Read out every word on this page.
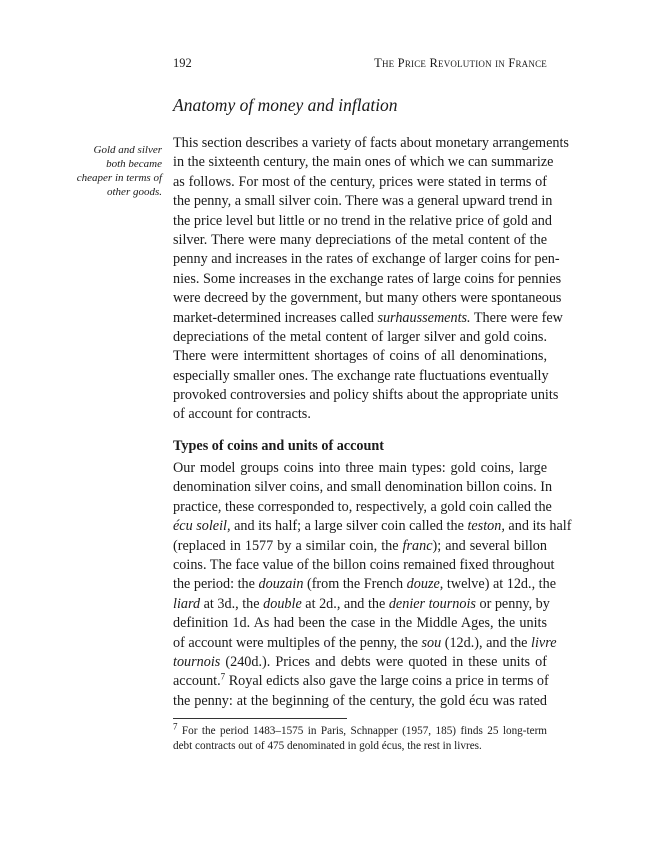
192	The Price Revolution in France
Anatomy of money and inflation
Gold and silver
both became
cheaper in terms of
other goods.
This section describes a variety of facts about monetary arrangements
in the sixteenth century, the main ones of which we can summarize
as follows. For most of the century, prices were stated in terms of
the penny, a small silver coin. There was a general upward trend in
the price level but little or no trend in the relative price of gold and
silver. There were many depreciations of the metal content of the
penny and increases in the rates of exchange of larger coins for pen-
nies. Some increases in the exchange rates of large coins for pennies
were decreed by the government, but many others were spontaneous
market-determined increases called surhaussements. There were few
depreciations of the metal content of larger silver and gold coins.
There were intermittent shortages of coins of all denominations,
especially smaller ones. The exchange rate fluctuations eventually
provoked controversies and policy shifts about the appropriate units
of account for contracts.
Types of coins and units of account
Our model groups coins into three main types: gold coins, large
denomination silver coins, and small denomination billon coins. In
practice, these corresponded to, respectively, a gold coin called the
écu soleil, and its half; a large silver coin called the teston, and its half
(replaced in 1577 by a similar coin, the franc); and several billon
coins. The face value of the billon coins remained fixed throughout
the period: the douzain (from the French douze, twelve) at 12d., the
liard at 3d., the double at 2d., and the denier tournois or penny, by
definition 1d. As had been the case in the Middle Ages, the units
of account were multiples of the penny, the sou (12d.), and the livre
tournois (240d.). Prices and debts were quoted in these units of
account.$^7$ Royal edicts also gave the large coins a price in terms of
the penny: at the beginning of the century, the gold écu was rated
$^7$ For the period 1483–1575 in Paris, Schnapper (1957, 185) finds 25 long-term
debt contracts out of 475 denominated in gold écus, the rest in livres.
